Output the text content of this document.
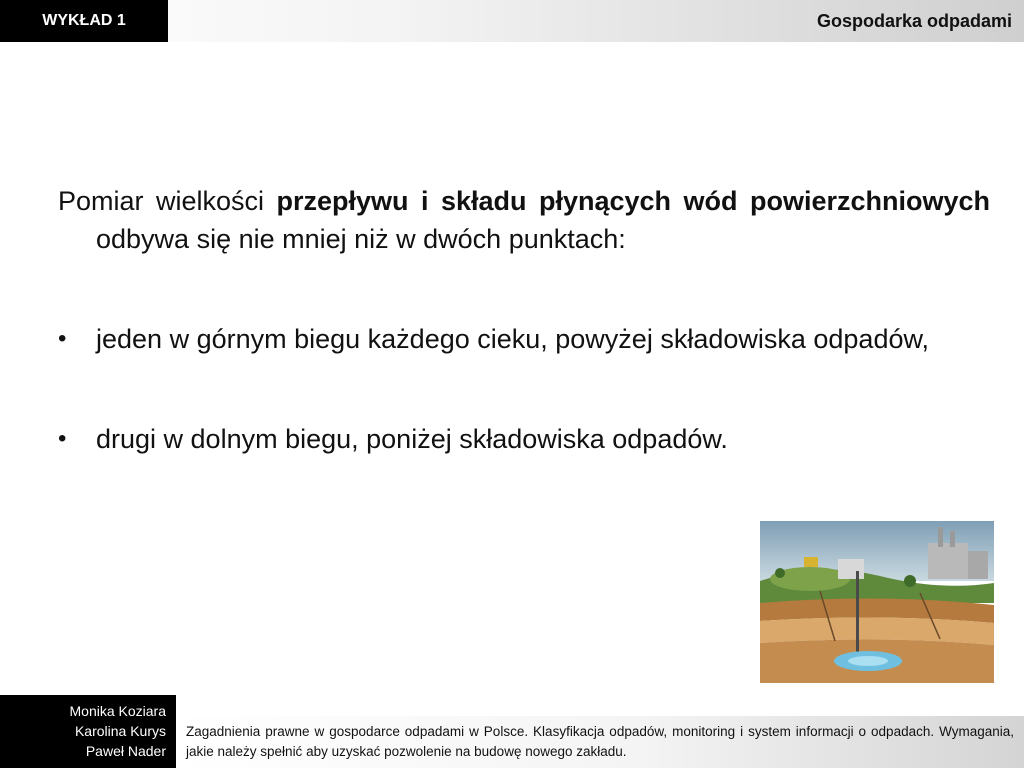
WYKŁAD 1	Gospodarka odpadami

Pomiar wielkości przepływu i składu płynących wód powierzchniowych odbywa się nie mniej niż w dwóch punktach:

•	jeden w górnym biegu każdego cieku, powyżej składowiska odpadów,
•	drugi w dolnym biegu, poniżej składowiska odpadów.
Monika Koziara
Karolina Kurys
Paweł Nader
Zagadnienia prawne w gospodarce odpadami w Polsce. Klasyfikacja odpadów, monitoring i system informacji o odpadach. Wymagania, jakie należy spełnić aby uzyskać pozwolenie na budowę nowego zakładu.
